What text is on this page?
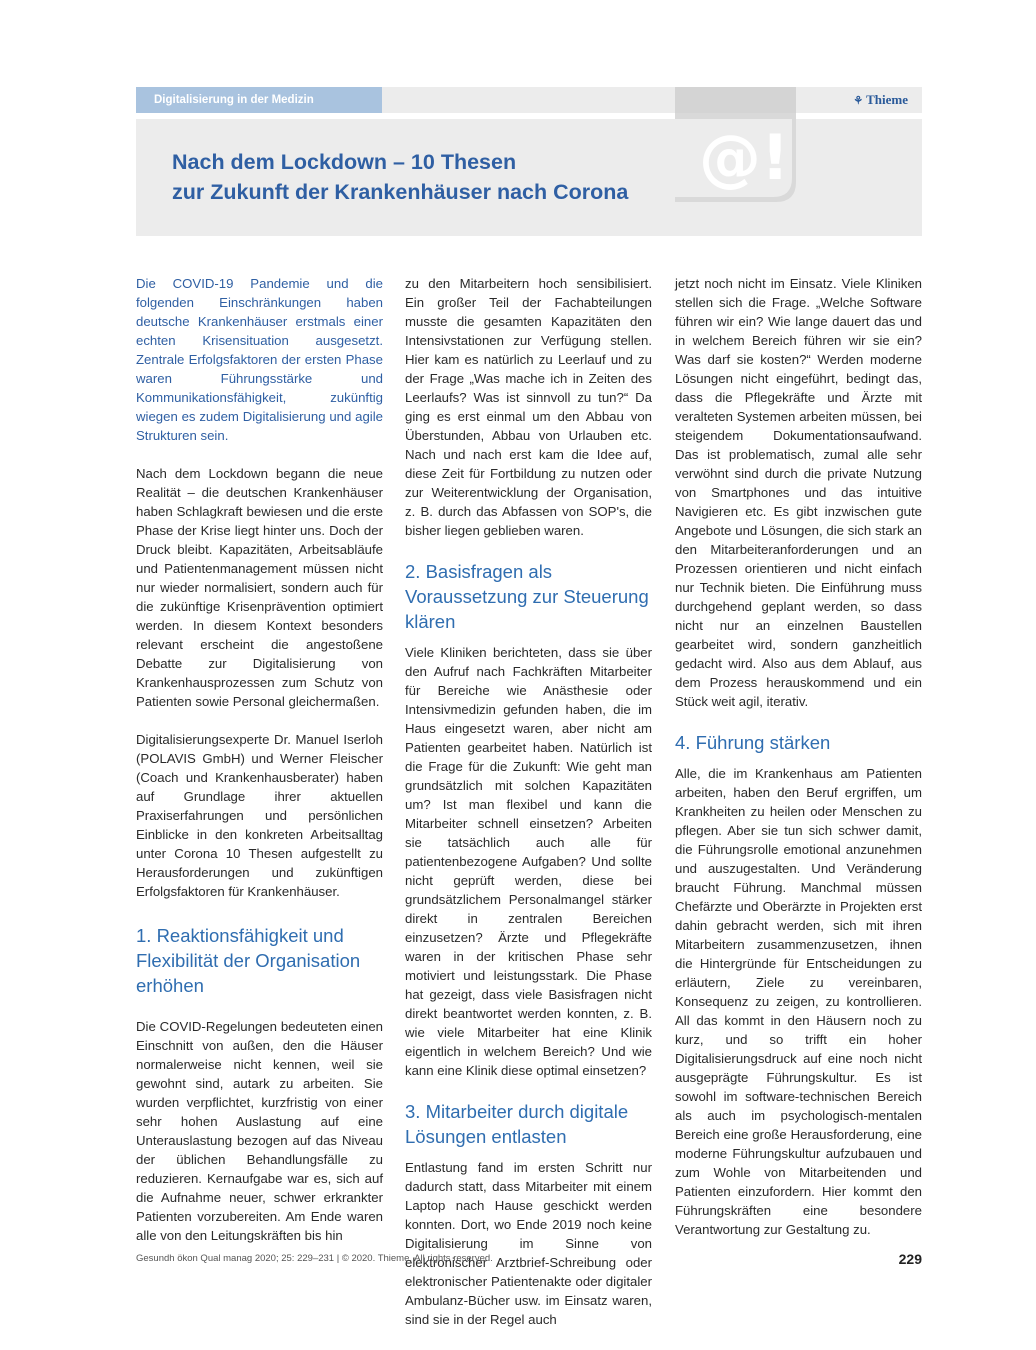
Digitalisierung in der Medizin	⚘ Thieme
Nach dem Lockdown – 10 Thesen
zur Zukunft der Krankenhäuser nach Corona	@!

Die COVID-19 Pandemie und die folgenden Einschränkungen haben deutsche Krankenhäuser erstmals einer echten Krisensituation ausgesetzt. Zentrale Erfolgsfaktoren der ersten Phase waren Führungsstärke und Kommunikationsfähigkeit, zukünftig wiegen es zudem Digitalisierung und agile Strukturen sein.

Nach dem Lockdown begann die neue Realität – die deutschen Krankenhäuser haben Schlagkraft bewiesen und die erste Phase der Krise liegt hinter uns. Doch der Druck bleibt. Kapazitäten, Arbeitsabläufe und Patientenmanagement müssen nicht nur wieder normalisiert, sondern auch für die zukünftige Krisenprävention optimiert werden. In diesem Kontext besonders relevant erscheint die angestoßene Debatte zur Digitalisierung von Krankenhausprozessen zum Schutz von Patienten sowie Personal gleichermaßen.

Digitalisierungsexperte Dr. Manuel Iserloh (POLAVIS GmbH) und Werner Fleischer (Coach und Krankenhausberater) haben auf Grundlage ihrer aktuellen Praxiserfahrungen und persönlichen Einblicke in den konkreten Arbeitsalltag unter Corona 10 Thesen aufgestellt zu Herausforderungen und zukünftigen Erfolgsfaktoren für Krankenhäuser.

1. Reaktionsfähigkeit und Flexibilität der Organisation erhöhen

Die COVID-Regelungen bedeuteten einen Einschnitt von außen, den die Häuser normalerweise nicht kennen, weil sie gewohnt sind, autark zu arbeiten. Sie wurden verpflichtet, kurzfristig von einer sehr hohen Auslastung auf eine Unterauslastung bezogen auf das Niveau der üblichen Behandlungsfälle zu reduzieren. Kernaufgabe war es, sich auf die Aufnahme neuer, schwer erkrankter Patienten vorzubereiten. Am Ende waren alle von den Leitungskräften bis hin

zu den Mitarbeitern hoch sensibilisiert. Ein großer Teil der Fachabteilungen musste die gesamten Kapazitäten den Intensivstationen zur Verfügung stellen. Hier kam es natürlich zu Leerlauf und zu der Frage „Was mache ich in Zeiten des Leerlaufs? Was ist sinnvoll zu tun?“ Da ging es erst einmal um den Abbau von Überstunden, Abbau von Urlauben etc. Nach und nach erst kam die Idee auf, diese Zeit für Fortbildung zu nutzen oder zur Weiterentwicklung der Organisation, z. B. durch das Abfassen von SOP's, die bisher liegen geblieben waren.

2. Basisfragen als Voraussetzung zur Steuerung klären

Viele Kliniken berichteten, dass sie über den Aufruf nach Fachkräften Mitarbeiter für Bereiche wie Anästhesie oder Intensivmedizin gefunden haben, die im Haus eingesetzt waren, aber nicht am Patienten gearbeitet haben. Natürlich ist die Frage für die Zukunft: Wie geht man grundsätzlich mit solchen Kapazitäten um? Ist man flexibel und kann die Mitarbeiter schnell einsetzen? Arbeiten sie tatsächlich auch alle für patientenbezogene Aufgaben? Und sollte nicht geprüft werden, diese bei grundsätzlichem Personalmangel stärker direkt in zentralen Bereichen einzusetzen? Ärzte und Pflegekräfte waren in der kritischen Phase sehr motiviert und leistungsstark. Die Phase hat gezeigt, dass viele Basisfragen nicht direkt beantwortet werden konnten, z. B. wie viele Mitarbeiter hat eine Klinik eigentlich in welchem Bereich? Und wie kann eine Klinik diese optimal einsetzen?

3. Mitarbeiter durch digitale Lösungen entlasten

Entlastung fand im ersten Schritt nur dadurch statt, dass Mitarbeiter mit einem Laptop nach Hause geschickt werden konnten. Dort, wo Ende 2019 noch keine Digitalisierung im Sinne von elektronischer Arztbrief-Schreibung oder elektronischer Patientenakte oder digitaler Ambulanz-Bücher usw. im Einsatz waren, sind sie in der Regel auch

jetzt noch nicht im Einsatz. Viele Kliniken stellen sich die Frage. „Welche Software führen wir ein? Wie lange dauert das und in welchem Bereich führen wir sie ein? Was darf sie kosten?“ Werden moderne Lösungen nicht eingeführt, bedingt das, dass die Pflegekräfte und Ärzte mit veralteten Systemen arbeiten müssen, bei steigendem Dokumentationsaufwand. Das ist problematisch, zumal alle sehr verwöhnt sind durch die private Nutzung von Smartphones und das intuitive Navigieren etc. Es gibt inzwischen gute Angebote und Lösungen, die sich stark an den Mitarbeiteranforderungen und an Prozessen orientieren und nicht einfach nur Technik bieten. Die Einführung muss durchgehend geplant werden, so dass nicht nur an einzelnen Baustellen gearbeitet wird, sondern ganzheitlich gedacht wird. Also aus dem Ablauf, aus dem Prozess herauskommend und ein Stück weit agil, iterativ.

4. Führung stärken

Alle, die im Krankenhaus am Patienten arbeiten, haben den Beruf ergriffen, um Krankheiten zu heilen oder Menschen zu pflegen. Aber sie tun sich schwer damit, die Führungsrolle emotional anzunehmen und auszugestalten. Und Veränderung braucht Führung. Manchmal müssen Chefärzte und Oberärzte in Projekten erst dahin gebracht werden, sich mit ihren Mitarbeitern zusammenzusetzen, ihnen die Hintergründe für Entscheidungen zu erläutern, Ziele zu vereinbaren, Konsequenz zu zeigen, zu kontrollieren. All das kommt in den Häusern noch zu kurz, und so trifft ein hoher Digitalisierungsdruck auf eine noch nicht ausgeprägte Führungskultur. Es ist sowohl im software-technischen Bereich als auch im psychologisch-mentalen Bereich eine große Herausforderung, eine moderne Führungskultur aufzubauen und zum Wohle von Mitarbeitenden und Patienten einzufordern. Hier kommt den Führungskräften eine besondere Verantwortung zur Gestaltung zu.

Gesundh ökon Qual manag 2020; 25: 229–231 | © 2020. Thieme. All rights reserved.	229
